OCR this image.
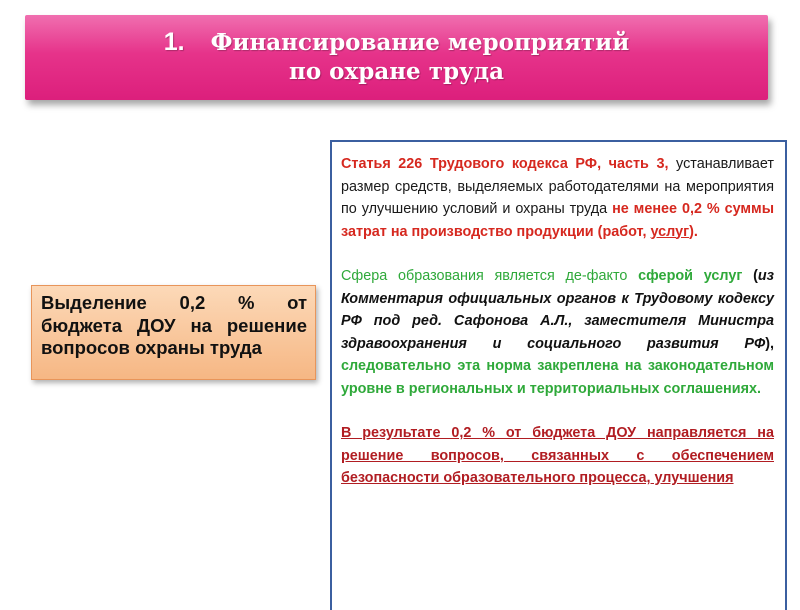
1. Финансирование мероприятий
по охране труда
Выделение 0,2 % от бюджета ДОУ на решение вопросов охраны труда

Статья 226 Трудового кодекса РФ, часть 3, устанавливает размер средств, выделяемых работодателями на мероприятия по улучшению условий и охраны труда не менее 0,2 % суммы затрат на производство продукции (работ, услуг).

Сфера образования является де-факто сферой услуг (из Комментария официальных органов к Трудовому кодексу РФ под ред. Сафонова А.Л., заместителя Министра здравоохранения и социального развития РФ), следовательно эта норма закреплена на законодательном уровне в региональных и территориальных соглашениях.

В результате 0,2 % от бюджета ДОУ направляется на решение вопросов, связанных с обеспечением безопасности образовательного процесса, улучшения
